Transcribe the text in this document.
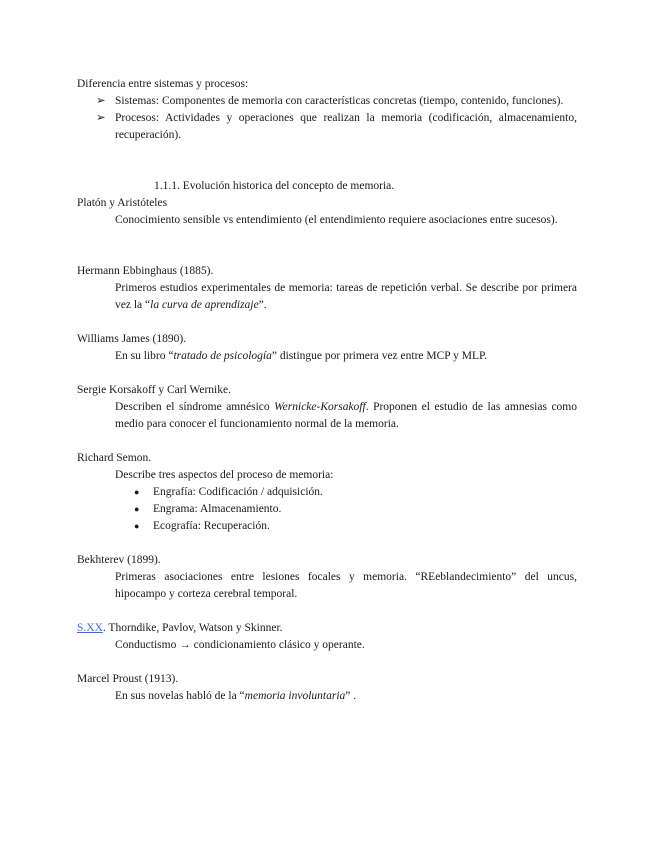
Diferencia entre sistemas y procesos:

➢ Sistemas: Componentes de memoria con características concretas (tiempo, contenido, funciones).
➢ Procesos: Actividades y operaciones que realizan la memoria (codificación, almacenamiento, recuperación).

1.1.1. Evolución historica del concepto de memoria.

Platón y Aristóteles

Conocimiento sensible vs entendimiento (el entendimiento requiere asociaciones entre sucesos).

Hermann Ebbinghaus (1885).

Primeros estudios experimentales de memoria: tareas de repetición verbal. Se describe por primera vez la “la curva de aprendizaje”.

Williams James (1890).

En su libro “tratado de psicología” distingue por primera vez entre MCP y MLP.

Sergie Korsakoff y Carl Wernike.

Describen el síndrome amnésico Wernicke-Korsakoff. Proponen el estudio de las amnesias como medio para conocer el funcionamiento normal de la memoria.

Richard Semon.

Describe tres aspectos del proceso de memoria:

●	Engrafía: Codificación / adquisición.
●	Engrama: Almacenamiento.
●	Ecografía: Recuperación.

Bekhterev (1899).

Primeras asociaciones entre lesiones focales y memoria. “REeblandecimiento” del uncus, hipocampo y corteza cerebral temporal.

S.XX. Thorndike, Pavlov, Watson y Skinner.

Conductismo → condicionamiento clásico y operante.

Marcel Proust (1913).

En sus novelas habló de la “memoria involuntaria” .
